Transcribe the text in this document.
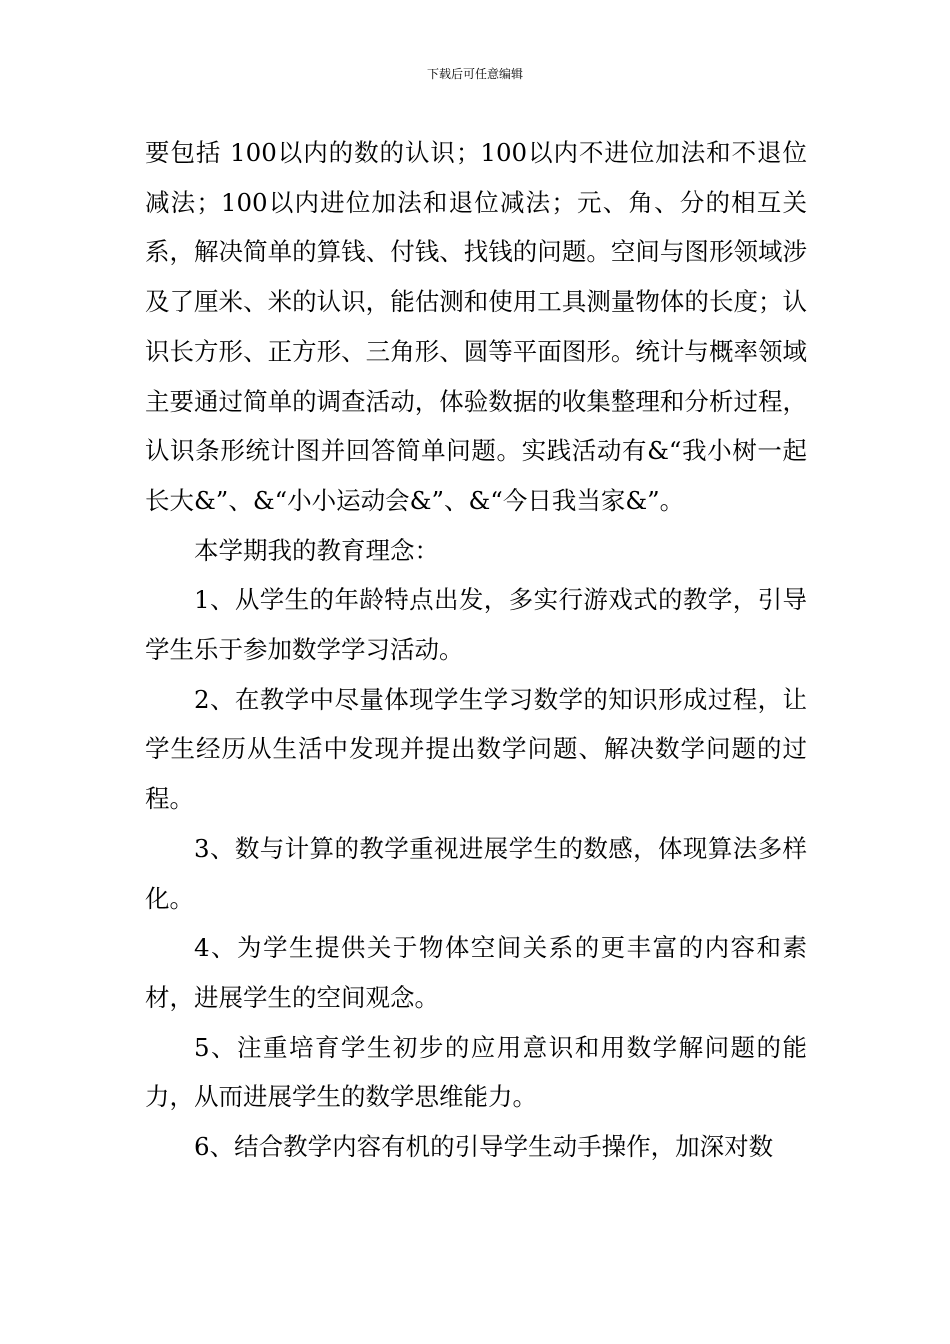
下载后可任意编辑

要包括 100以内的数的认识；100以内不进位加法和不退位减法；100以内进位加法和退位减法；元、角、分的相互关系，解决简单的算钱、付钱、找钱的问题。空间与图形领域涉及了厘米、米的认识，能估测和使用工具测量物体的长度；认识长方形、正方形、三角形、圆等平面图形。统计与概率领域主要通过简单的调查活动，体验数据的收集整理和分析过程，认识条形统计图并回答简单问题。实践活动有&“我小树一起长大&”、&“小小运动会&”、&“今日我当家&”。

本学期我的教育理念：

1、从学生的年龄特点出发，多实行游戏式的教学，引导学生乐于参加数学学习活动。

2、在教学中尽量体现学生学习数学的知识形成过程，让学生经历从生活中发现并提出数学问题、解决数学问题的过程。

3、数与计算的教学重视进展学生的数感，体现算法多样化。

4、为学生提供关于物体空间关系的更丰富的内容和素材，进展学生的空间观念。

5、注重培育学生初步的应用意识和用数学解问题的能力，从而进展学生的数学思维能力。

6、结合教学内容有机的引导学生动手操作，加深对数
